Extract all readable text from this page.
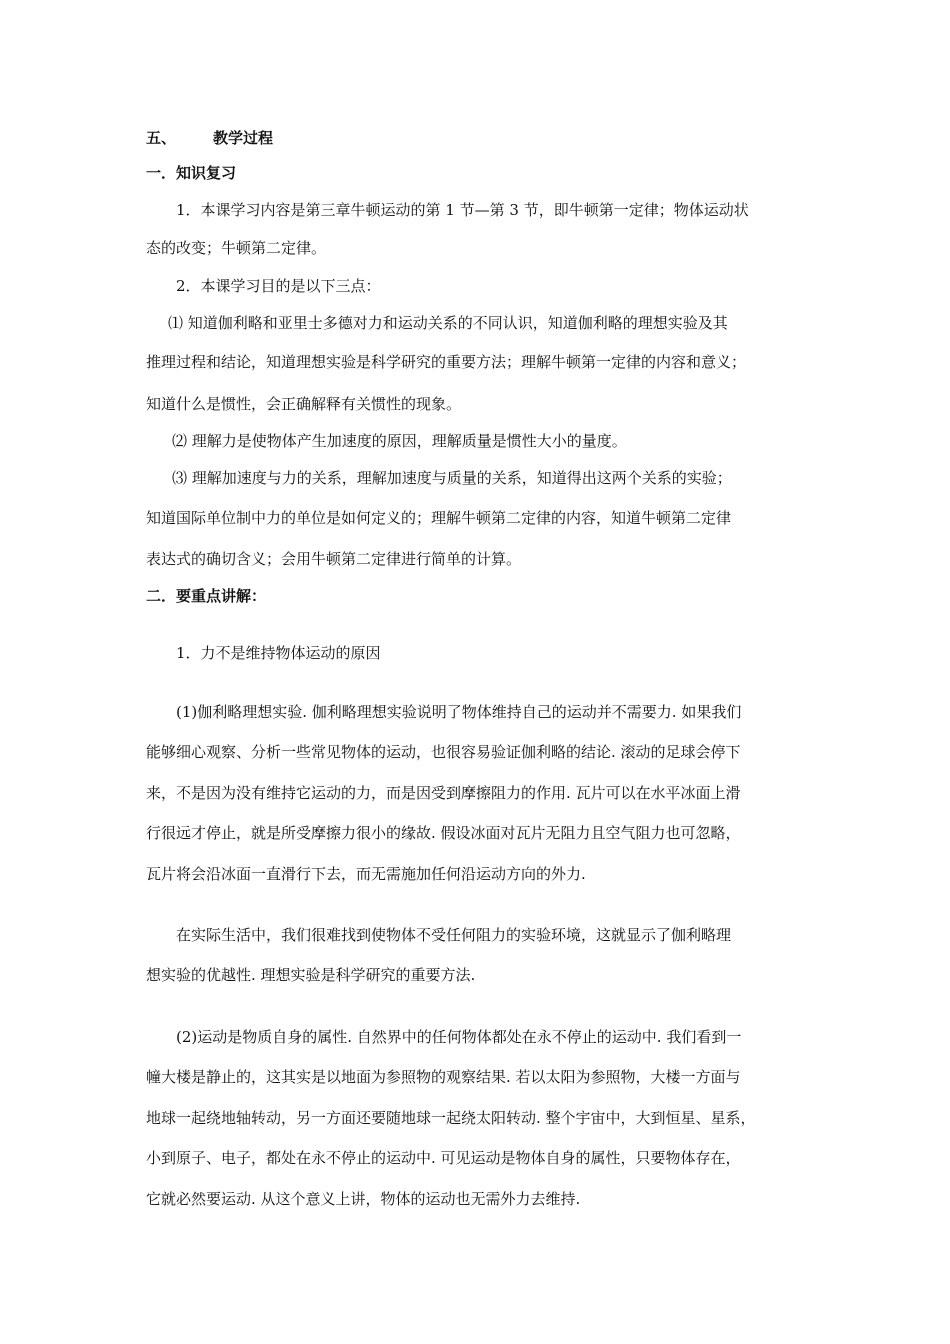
五、 教学过程
一．知识复习
1．本课学习内容是第三章牛顿运动的第 1 节—第 3 节，即牛顿第一定律；物体运动状
态的改变；牛顿第二定律。
2．本课学习目的是以下三点：
⑴ 知道伽利略和亚里士多德对力和运动关系的不同认识，知道伽利略的理想实验及其
推理过程和结论，知道理想实验是科学研究的重要方法；理解牛顿第一定律的内容和意义；
知道什么是惯性，会正确解释有关惯性的现象。
⑵ 理解力是使物体产生加速度的原因，理解质量是惯性大小的量度。
⑶ 理解加速度与力的关系，理解加速度与质量的关系，知道得出这两个关系的实验；
知道国际单位制中力的单位是如何定义的；理解牛顿第二定律的内容，知道牛顿第二定律
表达式的确切含义；会用牛顿第二定律进行简单的计算。
二．要重点讲解：
1．力不是维持物体运动的原因
(1)伽利略理想实验. 伽利略理想实验说明了物体维持自己的运动并不需要力. 如果我们
能够细心观察、分析一些常见物体的运动，也很容易验证伽利略的结论. 滚动的足球会停下
来，不是因为没有维持它运动的力，而是因受到摩擦阻力的作用. 瓦片可以在水平冰面上滑
行很远才停止，就是所受摩擦力很小的缘故. 假设冰面对瓦片无阻力且空气阻力也可忽略，
瓦片将会沿冰面一直滑行下去，而无需施加任何沿运动方向的外力.
在实际生活中，我们很难找到使物体不受任何阻力的实验环境，这就显示了伽利略理
想实验的优越性. 理想实验是科学研究的重要方法.
(2)运动是物质自身的属性. 自然界中的任何物体都处在永不停止的运动中. 我们看到一
幢大楼是静止的，这其实是以地面为参照物的观察结果. 若以太阳为参照物，大楼一方面与
地球一起绕地轴转动，另一方面还要随地球一起绕太阳转动. 整个宇宙中，大到恒星、星系，
小到原子、电子，都处在永不停止的运动中. 可见运动是物体自身的属性，只要物体存在，
它就必然要运动. 从这个意义上讲，物体的运动也无需外力去维持.
